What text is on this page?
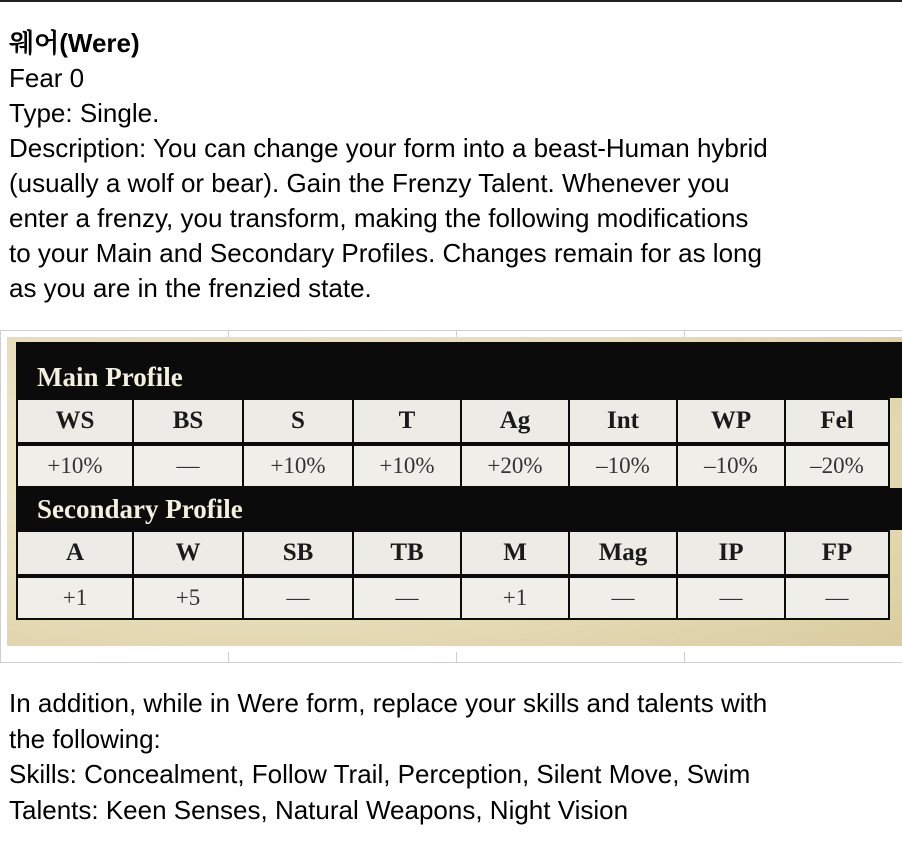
웨어(Were)
Fear 0
Type: Single.
Description: You can change your form into a beast-Human hybrid
(usually a wolf or bear). Gain the Frenzy Talent. Whenever you
enter a frenzy, you transform, making the following modifications
to your Main and Secondary Profiles. Changes remain for as long
as you are in the frenzied state.
Main Profile
WS	BS	S	T	Ag	Int	WP	Fel
+10%	—	+10%	+10%	+20%	–10%	–10%	–20%
Secondary Profile
A	W	SB	TB	M	Mag	IP	FP
+1	+5	—	—	+1	—	—	—
In addition, while in Were form, replace your skills and talents with
the following:
Skills: Concealment, Follow Trail, Perception, Silent Move, Swim
Talents: Keen Senses, Natural Weapons, Night Vision
